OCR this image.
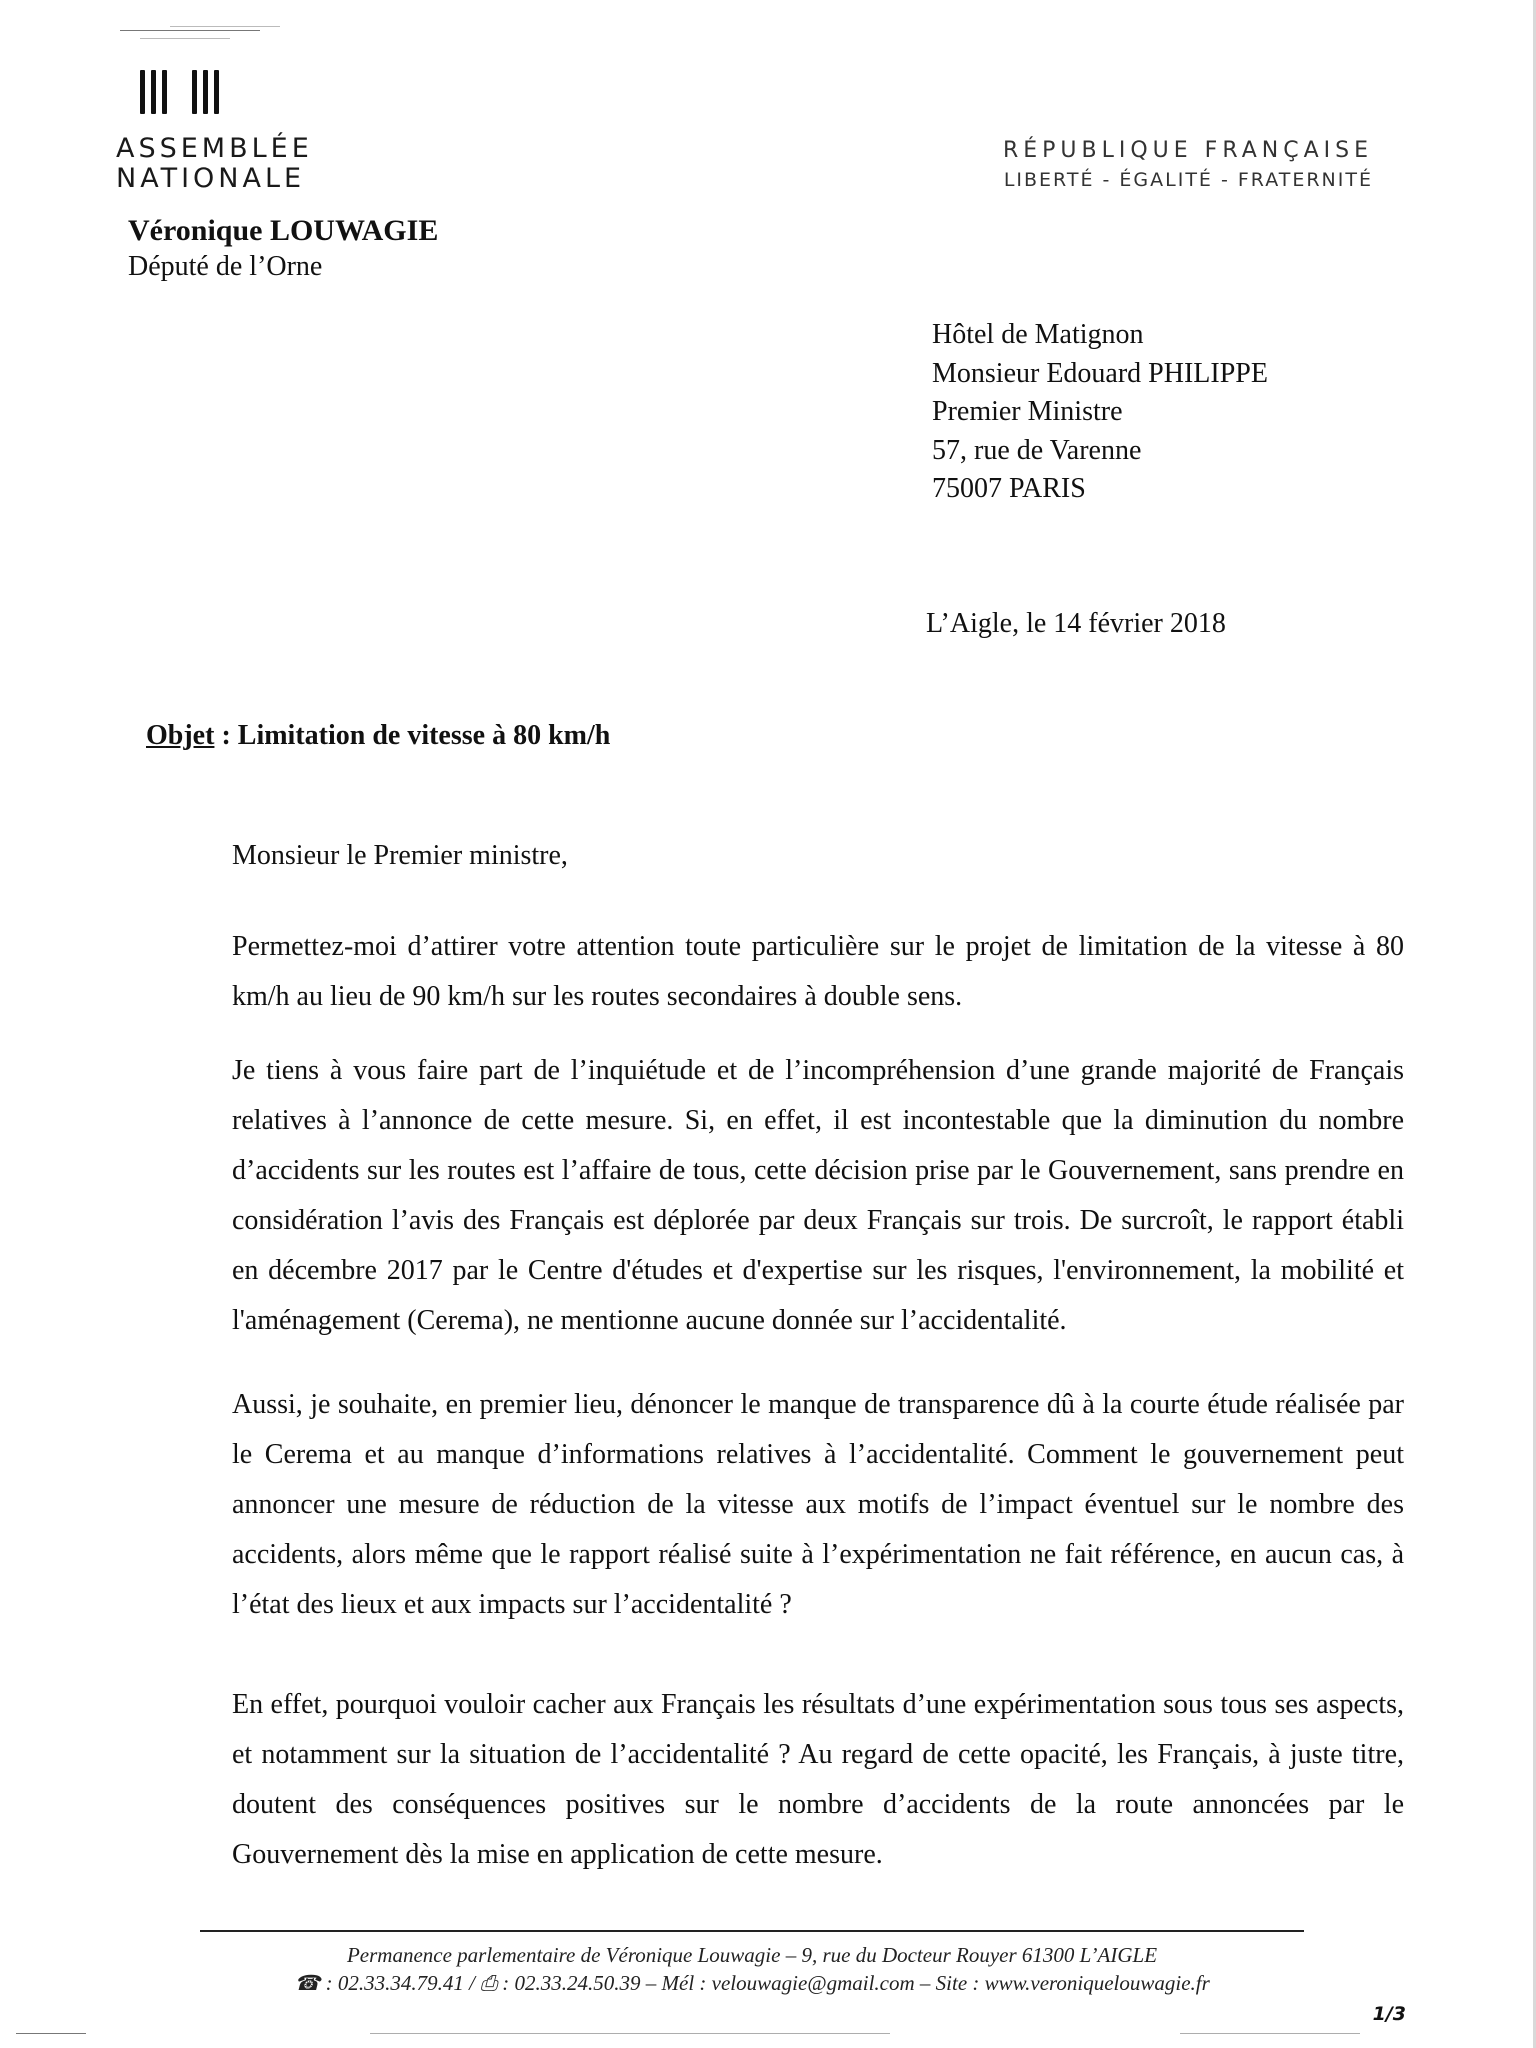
ASSEMBLÉE
NATIONALE
RÉPUBLIQUE FRANÇAISE
LIBERTÉ - ÉGALITÉ - FRATERNITÉ
Véronique LOUWAGIE
Député de l’Orne
Hôtel de Matignon
Monsieur Edouard PHILIPPE
Premier Ministre
57, rue de Varenne
75007 PARIS
L’Aigle, le 14 février 2018
Objet : Limitation de vitesse à 80 km/h
Monsieur le Premier ministre,

Permettez-moi d’attirer votre attention toute particulière sur le projet de limitation de la vitesse à 80 km/h au lieu de 90 km/h sur les routes secondaires à double sens.

Je tiens à vous faire part de l’inquiétude et de l’incompréhension d’une grande majorité de Français relatives à l’annonce de cette mesure. Si, en effet, il est incontestable que la diminution du nombre d’accidents sur les routes est l’affaire de tous, cette décision prise par le Gouvernement, sans prendre en considération l’avis des Français est déplorée par deux Français sur trois. De surcroît, le rapport établi en décembre 2017 par le Centre d'études et d'expertise sur les risques, l'environnement, la mobilité et l'aménagement (Cerema), ne mentionne aucune donnée sur l’accidentalité.

Aussi, je souhaite, en premier lieu, dénoncer le manque de transparence dû à la courte étude réalisée par le Cerema et au manque d’informations relatives à l’accidentalité. Comment le gouvernement peut annoncer une mesure de réduction de la vitesse aux motifs de l’impact éventuel sur le nombre des accidents, alors même que le rapport réalisé suite à l’expérimentation ne fait référence, en aucun cas, à l’état des lieux et aux impacts sur l’accidentalité ?

En effet, pourquoi vouloir cacher aux Français les résultats d’une expérimentation sous tous ses aspects, et notamment sur la situation de l’accidentalité ? Au regard de cette opacité, les Français, à juste titre, doutent des conséquences positives sur le nombre d’accidents de la route annoncées par le Gouvernement dès la mise en application de cette mesure.

Permanence parlementaire de Véronique Louwagie – 9, rue du Docteur Rouyer 61300 L’AIGLE
☎ : 02.33.34.79.41 / ⎙ : 02.33.24.50.39 – Mél : velouwagie@gmail.com – Site : www.veroniquelouwagie.fr
1/3
